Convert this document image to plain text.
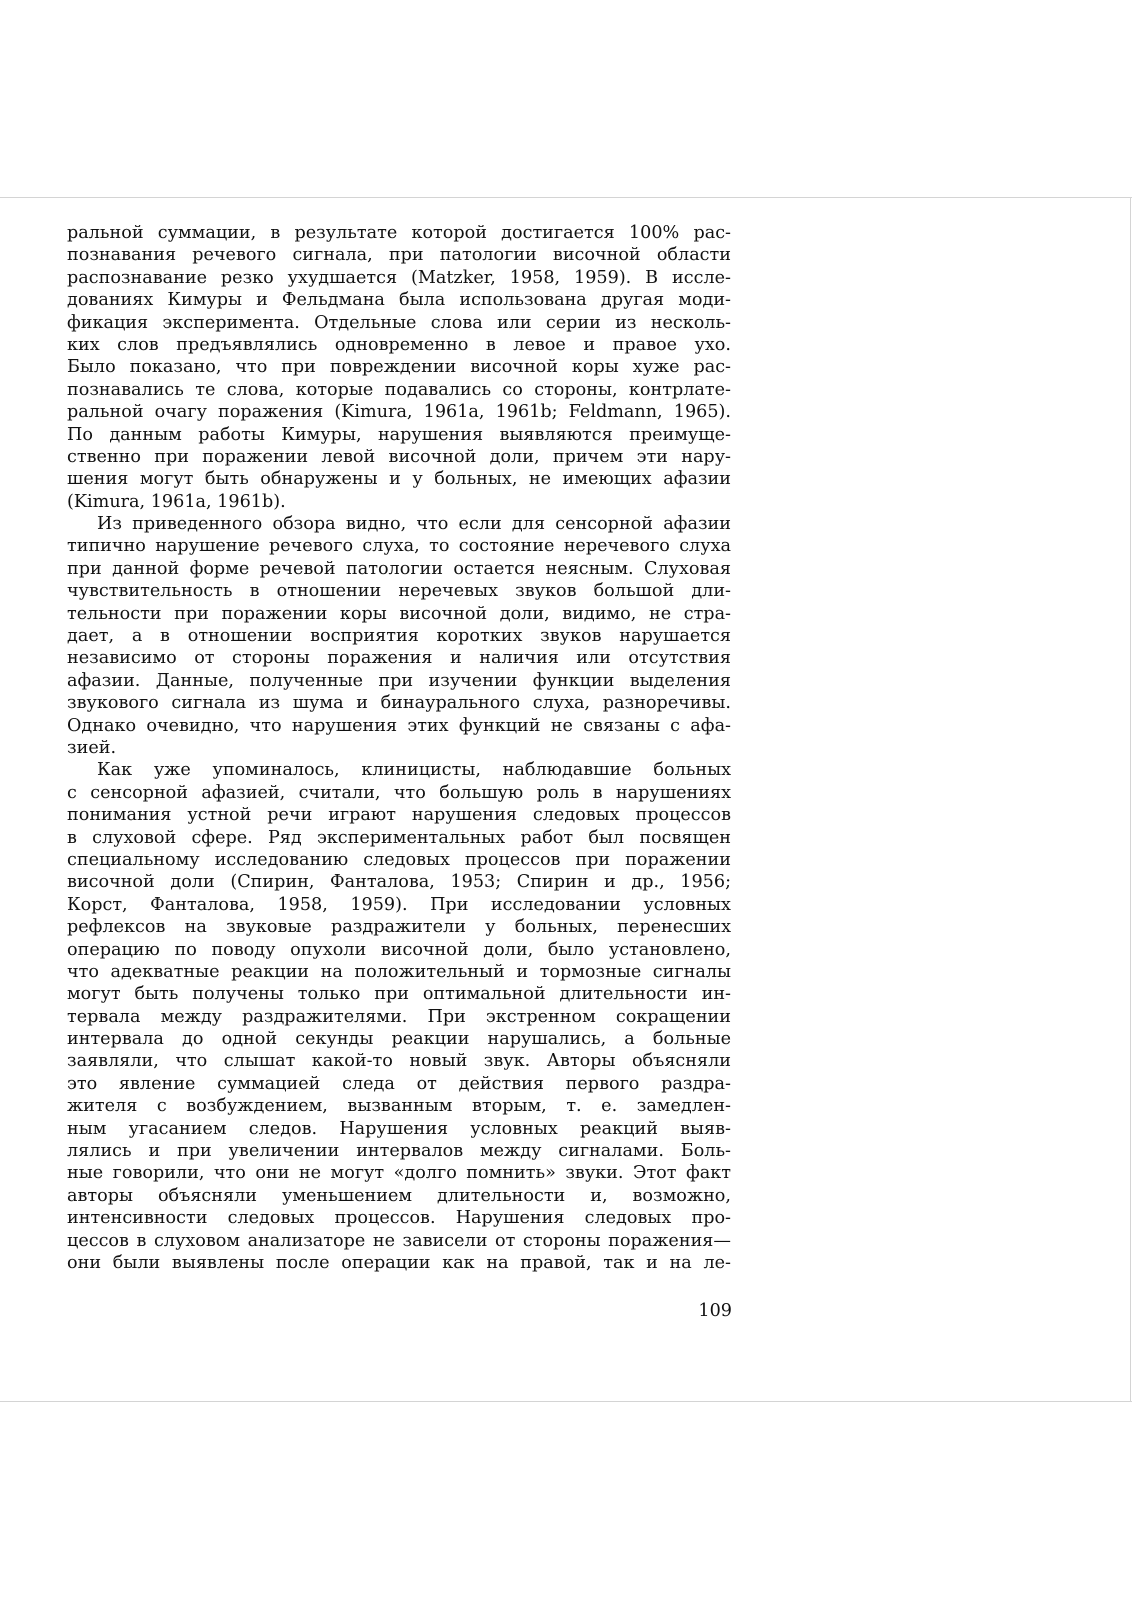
ральной суммации, в результате которой достигается 100% рас-
познавания речевого сигнала, при патологии височной области
распознавание резко ухудшается (Matzker, 1958, 1959). В иссле-
дованиях Кимуры и Фельдмана была использована другая моди-
фикация эксперимента. Отдельные слова или серии из несколь-
ких слов предъявлялись одновременно в левое и правое ухо.
Было показано, что при повреждении височной коры хуже рас-
познавались те слова, которые подавались со стороны, контрлате-
ральной очагу поражения (Kimura, 1961a, 1961b; Feldmann, 1965).
По данным работы Кимуры, нарушения выявляются преимуще-
ственно при поражении левой височной доли, причем эти нару-
шения могут быть обнаружены и у больных, не имеющих афазии
(Kimura, 1961a, 1961b).
Из приведенного обзора видно, что если для сенсорной афазии
типично нарушение речевого слуха, то состояние неречевого слуха
при данной форме речевой патологии остается неясным. Слуховая
чувствительность в отношении неречевых звуков большой дли-
тельности при поражении коры височной доли, видимо, не стра-
дает, а в отношении восприятия коротких звуков нарушается
независимо от стороны поражения и наличия или отсутствия
афазии. Данные, полученные при изучении функции выделения
звукового сигнала из шума и бинаурального слуха, разноречивы.
Однако очевидно, что нарушения этих функций не связаны с афа-
зией.
Как уже упоминалось, клиницисты, наблюдавшие больных
с сенсорной афазией, считали, что большую роль в нарушениях
понимания устной речи играют нарушения следовых процессов
в слуховой сфере. Ряд экспериментальных работ был посвящен
специальному исследованию следовых процессов при поражении
височной доли (Спирин, Фанталова, 1953; Спирин и др., 1956;
Корст, Фанталова, 1958, 1959). При исследовании условных
рефлексов на звуковые раздражители у больных, перенесших
операцию по поводу опухоли височной доли, было установлено,
что адекватные реакции на положительный и тормозные сигналы
могут быть получены только при оптимальной длительности ин-
тервала между раздражителями. При экстренном сокращении
интервала до одной секунды реакции нарушались, а больные
заявляли, что слышат какой-то новый звук. Авторы объясняли
это явление суммацией следа от действия первого раздра-
жителя с возбуждением, вызванным вторым, т. е. замедлен-
ным угасанием следов. Нарушения условных реакций выяв-
лялись и при увеличении интервалов между сигналами. Боль-
ные говорили, что они не могут «долго помнить» звуки. Этот факт
авторы объясняли уменьшением длительности и, возможно,
интенсивности следовых процессов. Нарушения следовых про-
цессов в слуховом анализаторе не зависели от стороны поражения—
они были выявлены после операции как на правой, так и на ле-
109
